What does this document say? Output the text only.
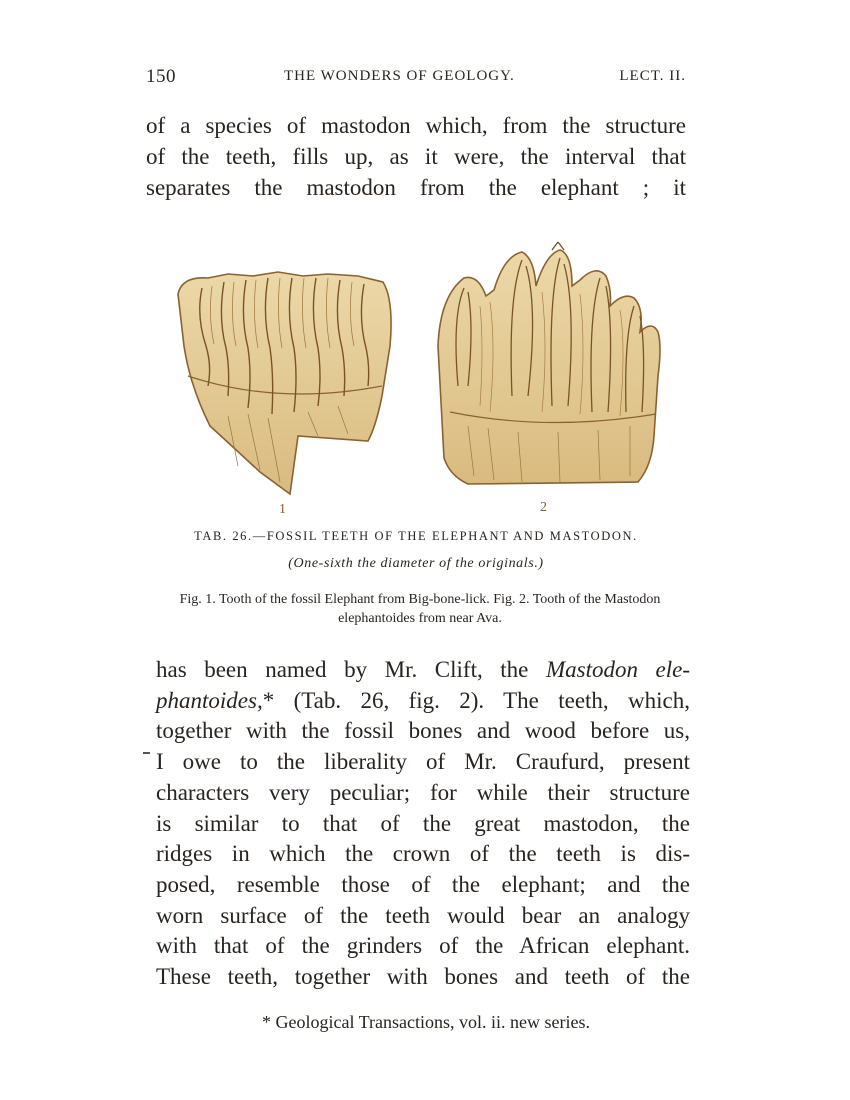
150	THE WONDERS OF GEOLOGY.	LECT. II.
of a species of mastodon which, from the structure
of the teeth, fills up, as it were, the interval that
separates the mastodon from the elephant ; it
1	2
TAB. 26.—FOSSIL TEETH OF THE ELEPHANT AND MASTODON.
(One-sixth the diameter of the originals.)
Fig. 1. Tooth of the fossil Elephant from Big-bone-lick. Fig. 2. Tooth of the Mastodon elephantoides from near Ava.
has been named by Mr. Clift, the Mastodon ele-
phantoides,* (Tab. 26, fig. 2). The teeth, which,
together with the fossil bones and wood before us,
I owe to the liberality of Mr. Craufurd, present
characters very peculiar; for while their structure
is similar to that of the great mastodon, the
ridges in which the crown of the teeth is dis-
posed, resemble those of the elephant; and the
worn surface of the teeth would bear an analogy
with that of the grinders of the African elephant.
These teeth, together with bones and teeth of the
* Geological Transactions, vol. ii. new series.
